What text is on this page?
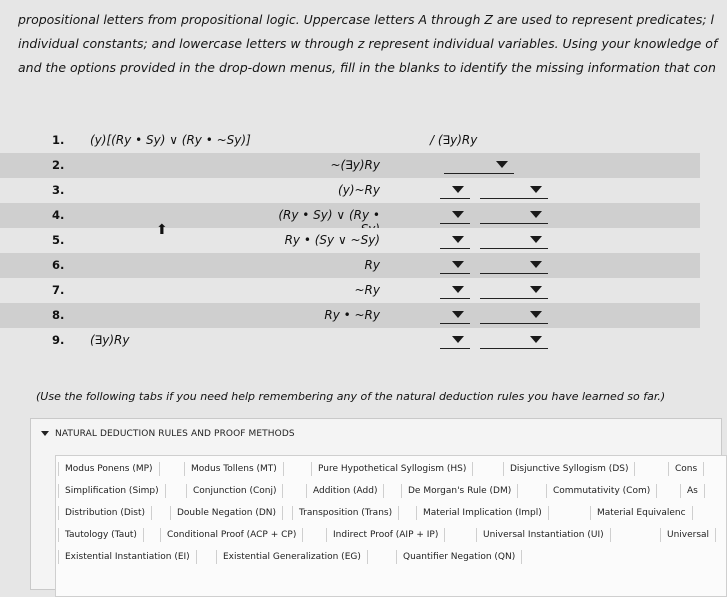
propositional letters from propositional logic. Uppercase letters A through Z are used to represent predicates; l
individual constants; and lowercase letters w through z represent individual variables. Using your knowledge of
and the options provided in the drop-down menus, fill in the blanks to identify the missing information that con
1. (y)[(Ry • Sy) ∨ (Ry • ~Sy)]	/ (∃y)Ry
2.	~(∃y)Ry
3.	(y)~Ry
4.	(Ry • Sy) ∨ (Ry •
5.	Ry • (Sy ∨ ~Sy)
6.	Ry
7.	~Ry
8.	Ry • ~Ry
9. (∃y)Ry
⬆
(Use the following tabs if you need help remembering any of the natural deduction rules you have learned so far.)
NATURAL DEDUCTION RULES AND PROOF METHODS
Modus Ponens (MP)	Modus Tollens (MT)	Pure Hypothetical Syllogism (HS)	Disjunctive Syllogism (DS)	Cons
Simplification (Simp)	Conjunction (Conj)	Addition (Add)	De Morgan's Rule (DM)	Commutativity (Com)	As
Distribution (Dist)	Double Negation (DN)	Transposition (Trans)	Material Implication (Impl)	Material Equivalenc
Tautology (Taut)	Conditional Proof (ACP + CP)	Indirect Proof (AIP + IP)	Universal Instantiation (UI)	Universal
Existential Instantiation (EI)	Existential Generalization (EG)	Quantifier Negation (QN)
